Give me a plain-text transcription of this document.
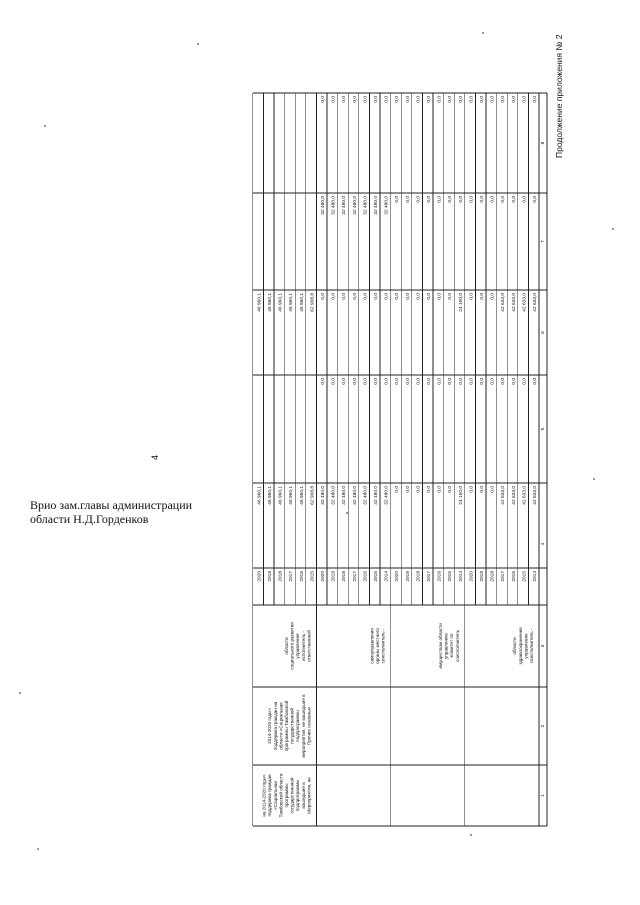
4
Продолжение приложения № 2
1
2
3
4
5
6
7
8
2014
42 633,0
0,0
42 633,0
0,0
0,0
2015
42 633,0
0,0
42 633,0
0,0
0,0
2016
42 633,0
0,0
42 633,0
0,0
0,0
2017
42 633,0
0,0
42 633,0
0,0
0,0
2018
0,0
0,0
0,0
0,0
0,0
2019
0,0
0,0
0,0
0,0
0,0
2020
0,0
0,0
0,0
0,0
0,0
соисполнитель -
управление
здравоохранения
области
2014
24 150,0
0,0
24 150,0
0,0
0,0
2015
0,0
0,0
0,0
0,0
0,0
2016
0,0
0,0
0,0
0,0
0,0
2017
0,0
0,0
0,0
0,0
0,0
2018
0,0
0,0
0,0
0,0
0,0
2019
0,0
0,0
0,0
0,0
0,0
2020
0,0
0,0
0,0
0,0
0,0
соисполнитель
-комитет по
управлению
имуществом области
2014
32 480,0
0,0
0,0
32 480,0
0,0
2015
32 480,0
0,0
0,0
32 480,0
0,0
2016
32 480,0
0,0
0,0
32 480,0
0,0
2017
32 480,0
0,0
0,0
32 480,0
0,0
2018
32 480,0
0,0
0,0
32 480,0
0,0
2019
32 480,0
0,0
0,0
32 480,0
0,0
2020
32 480,0
0,0
0,0
32 480,0
0,0
соисполнитель -
органы местного
самоуправления
2015
62 908,8
62 908,8
2016
46 960,1
46 960,1
2017
46 960,1
46 960,1
2018
46 960,1
46 960,1
2019
46 960,1
46 960,1
2020
46 960,1
46 960,1
Мероприятия, не
вошедшие в
подпрограммы
государственной
программы
Тамбовской области
«Социальная
поддержка граждан
на 2014-2020 годы»
Прочие основные
мероприятия, не вошедшие в
подпрограммы
государственной
программы Тамбовской
области «Социальная
поддержка граждан на
2014-2020 годы»
ответственный
исполнитель -
управление
социального развития
области
Врио зам.главы администрации
области Н.Д.Горденков
